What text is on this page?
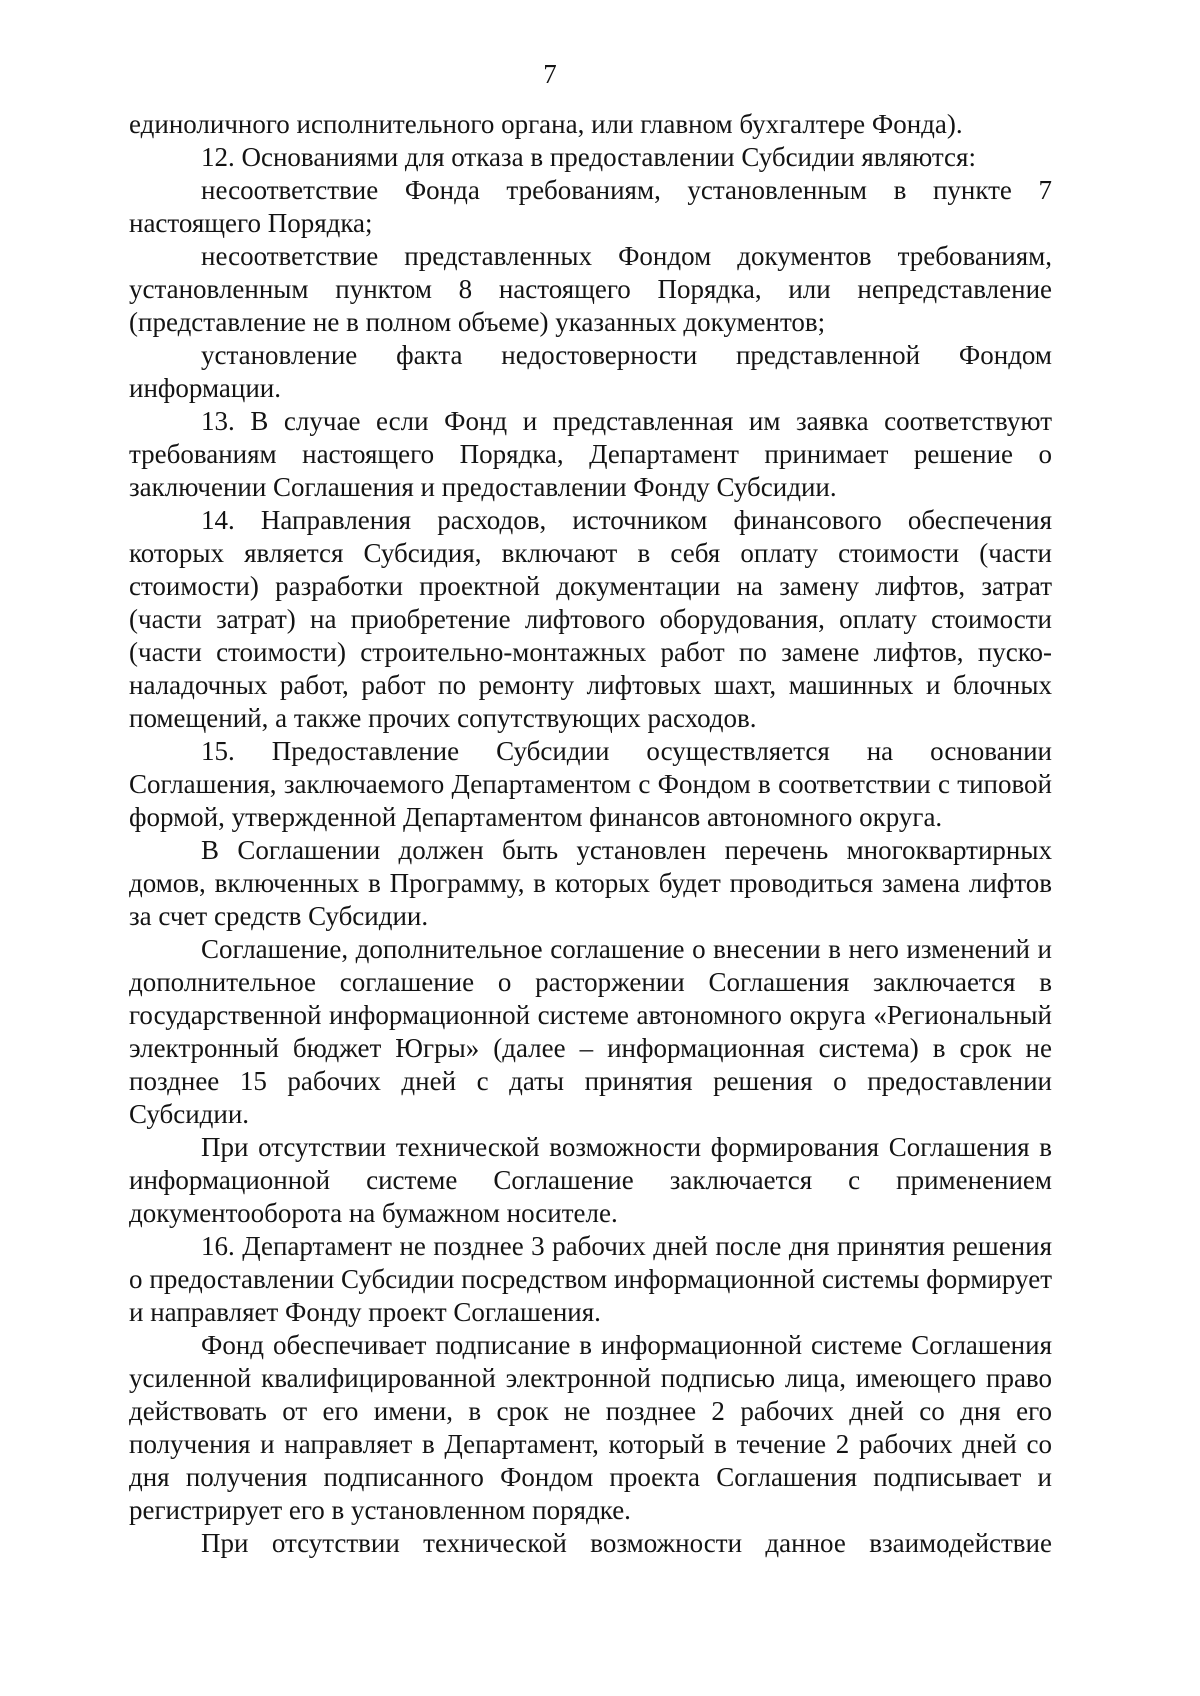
7

единоличного исполнительного органа, или главном бухгалтере Фонда).

12. Основаниями для отказа в предоставлении Субсидии являются:

несоответствие Фонда требованиям, установленным в пункте 7 настоящего Порядка;

несоответствие представленных Фондом документов требованиям, установленным пунктом 8 настоящего Порядка, или непредставление (представление не в полном объеме) указанных документов;

установление факта недостоверности представленной Фондом информации.

13. В случае если Фонд и представленная им заявка соответствуют требованиям настоящего Порядка, Департамент принимает решение о заключении Соглашения и предоставлении Фонду Субсидии.

14. Направления расходов, источником финансового обеспечения которых является Субсидия, включают в себя оплату стоимости (части стоимости) разработки проектной документации на замену лифтов, затрат (части затрат) на приобретение лифтового оборудования, оплату стоимости (части стоимости) строительно-монтажных работ по замене лифтов, пуско-наладочных работ, работ по ремонту лифтовых шахт, машинных и блочных помещений, а также прочих сопутствующих расходов.

15. Предоставление Субсидии осуществляется на основании Соглашения, заключаемого Департаментом с Фондом в соответствии с типовой формой, утвержденной Департаментом финансов автономного округа.

В Соглашении должен быть установлен перечень многоквартирных домов, включенных в Программу, в которых будет проводиться замена лифтов за счет средств Субсидии.

Соглашение, дополнительное соглашение о внесении в него изменений и дополнительное соглашение о расторжении Соглашения заключается в государственной информационной системе автономного округа «Региональный электронный бюджет Югры» (далее – информационная система) в срок не позднее 15 рабочих дней с даты принятия решения о предоставлении Субсидии.

При отсутствии технической возможности формирования Соглашения в информационной системе Соглашение заключается с применением документооборота на бумажном носителе.

16. Департамент не позднее 3 рабочих дней после дня принятия решения о предоставлении Субсидии посредством информационной системы формирует и направляет Фонду проект Соглашения.

Фонд обеспечивает подписание в информационной системе Соглашения усиленной квалифицированной электронной подписью лица, имеющего право действовать от его имени, в срок не позднее 2 рабочих дней со дня его получения и направляет в Департамент, который в течение 2 рабочих дней со дня получения подписанного Фондом проекта Соглашения подписывает и регистрирует его в установленном порядке.

При отсутствии технической возможности данное взаимодействие
